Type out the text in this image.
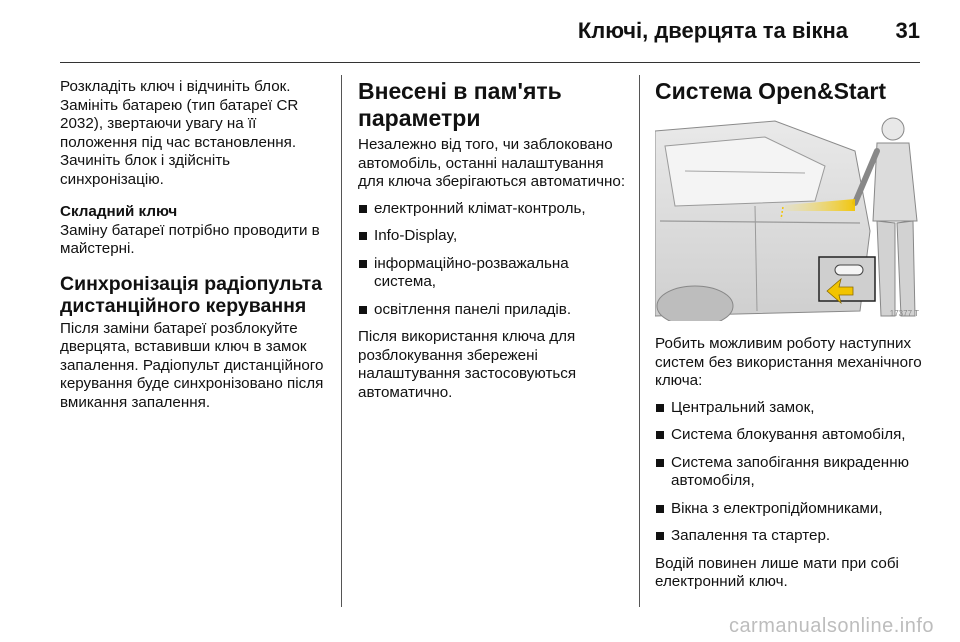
Ключі, дверцята та вікна 31

Розкладіть ключ і відчиніть блок. Замініть батарею (тип батареї CR 2032), звертаючи увагу на її положення під час встановлення. Зачиніть блок і здійсніть синхронізацію.

Складний ключ

Заміну батареї потрібно проводити в майстерні.

Синхронізація радіопульта дистанційного керування

Після заміни батареї розблокуйте дверцята, вставивши ключ в замок запалення. Радіопульт дистанційного керування буде синхронізовано після вмикання запалення.

Внесені в пам'ять параметри

Незалежно від того, чи заблоковано автомобіль, останні налаштування для ключа зберігаються автоматично:

електронний клімат-контроль,
Info-Display,
інформаційно-розважальна система,
освітлення панелі приладів.

Після використання ключа для розблокування збережені налаштування застосовуються автоматично.

Система Open&Start
17377 T

Робить можливим роботу наступних систем без використання механічного ключа:

Центральний замок,
Система блокування автомобіля,
Система запобігання викраденню автомобіля,
Вікна з електропідйомниками,
Запалення та стартер.

Водій повинен лише мати при собі електронний ключ.

carmanualsonline.info
